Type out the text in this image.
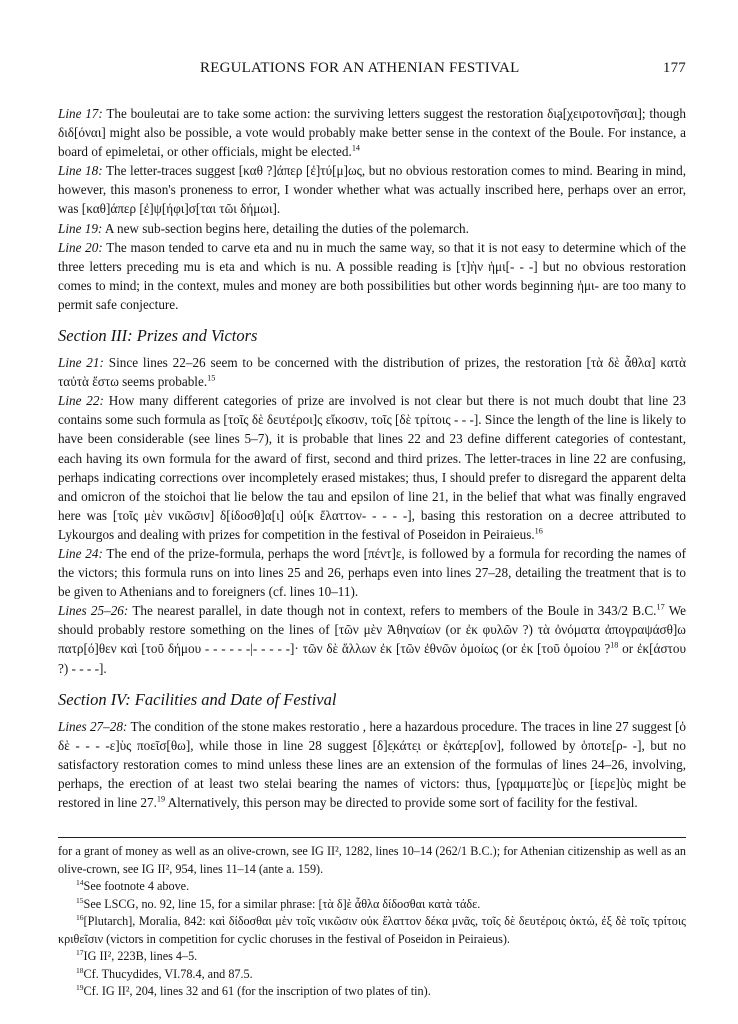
REGULATIONS FOR AN ATHENIAN FESTIVAL	177

Line 17: The bouleutai are to take some action: the surviving letters suggest the restoration διạ[χειροτονῆσαι]; though διδ[όναι] might also be possible, a vote would probably make better sense in the context of the Boule. For instance, a board of epimeletai, or other officials, might be elected.$^{14}$

Line 18: The letter-traces suggest [καθ ?]άπερ [ἐ]τύ[μ]ως, but no obvious restoration comes to mind. Bearing in mind, however, this mason's proneness to error, I wonder whether what was actually inscribed here, perhaps over an error, was [καθ]άπερ [ἐ]ψ[ήφι]σ[ται τῶι δήμωι].

Line 19: A new sub-section begins here, detailing the duties of the polemarch.

Line 20: The mason tended to carve eta and nu in much the same way, so that it is not easy to determine which of the three letters preceding mu is eta and which is nu. A possible reading is [τ]ὴν ἡμι[- - -] but no obvious restoration comes to mind; in the context, mules and money are both possibilities but other words beginning ἡμι- are too many to permit safe conjecture.

Section III: Prizes and Victors

Line 21: Since lines 22–26 seem to be concerned with the distribution of prizes, the restoration [τὰ δὲ ἆθλα] κατὰ ταὐτὰ ἔστω seems probable.$^{15}$

Line 22: How many different categories of prize are involved is not clear but there is not much doubt that line 23 contains some such formula as [τοῖς δὲ δευτέροι]ς εἴκοσιν, τοῖς [δὲ τρίτοις - - -]. Since the length of the line is likely to have been considerable (see lines 5–7), it is probable that lines 22 and 23 define different categories of contestant, each having its own formula for the award of first, second and third prizes. The letter-traces in line 22 are confusing, perhaps indicating corrections over incompletely erased mistakes; thus, I should prefer to disregard the apparent delta and omicron of the stoichoi that lie below the tau and epsilon of line 21, in the belief that what was finally engraved here was [τοῖς μὲν νικῶσιν] δ[ίδοσθ]α[ι] οὐ[κ ἔλαττον- - - - -], basing this restoration on a decree attributed to Lykourgos and dealing with prizes for competition in the festival of Poseidon in Peiraieus.$^{16}$

Line 24: The end of the prize-formula, perhaps the word [πέντ]ε, is followed by a formula for recording the names of the victors; this formula runs on into lines 25 and 26, perhaps even into lines 27–28, detailing the treatment that is to be given to Athenians and to foreigners (cf. lines 10–11).

Lines 25–26: The nearest parallel, in date though not in context, refers to members of the Boule in 343/2 B.C.$^{17}$ We should probably restore something on the lines of [τῶν μὲν Ἀθηναίων (or ἐκ φυλῶν ?) τὰ ὀνόματα ἀπογραψάσθ]ω πατρ[ό]θεν καὶ [τοῦ δήμου - - - - - -|- - - - -]· τῶν δὲ ἄλλων ἐκ [τῶν ἐθνῶν ὁμοίως (or ἐκ [τοῦ ὁμοίου ?$^{18}$ or ἐκ[άστου ?) - - - -].

Section IV: Facilities and Date of Festival

Lines 27–28: The condition of the stone makes restoratio , here a hazardous procedure. The traces in line 27 suggest [ὁ δὲ - - - -ε]ὺς ποεῖσ[θω], while those in line 28 suggest [δ]ε̣κάτε̣ι or ἑ̣κάτε̣ρ[ον], followed by ὁποτε[ρ- -], but no satisfactory restoration comes to mind unless these lines are an extension of the formulas of lines 24–26, involving, perhaps, the erection of at least two stelai bearing the names of victors: thus, [γραμματε]ὺς or [ἱερε]ὺς might be restored in line 27.19 Alternatively, this person may be directed to provide some sort of facility for the festival.

for a grant of money as well as an olive-crown, see IG II², 1282, lines 10–14 (262/1 B.C.); for Athenian citizenship as well as an olive-crown, see IG II², 954, lines 11–14 (ante a. 159).

$^{14}$See footnote 4 above.

$^{15}$See LSCG, no. 92, line 15, for a similar phrase: [τὰ δ]ὲ ἆθλα δίδοσθαι κατὰ τάδε.

$^{16}$[Plutarch], Moralia, 842: καὶ δίδοσθαι μὲν τοῖς νικῶσιν οὐκ ἔλαττον δέκα μνᾶς, τοῖς δὲ δευτέροις ὀκτώ, ἐξ δὲ τοῖς τρίτοις κριθεῖσιν (victors in competition for cyclic choruses in the festival of Poseidon in Peiraieus).

$^{17}$IG II², 223B, lines 4–5.

$^{18}$Cf. Thucydides, VI.78.4, and 87.5.

$^{19}$Cf. IG II², 204, lines 32 and 61 (for the inscription of two plates of tin).
